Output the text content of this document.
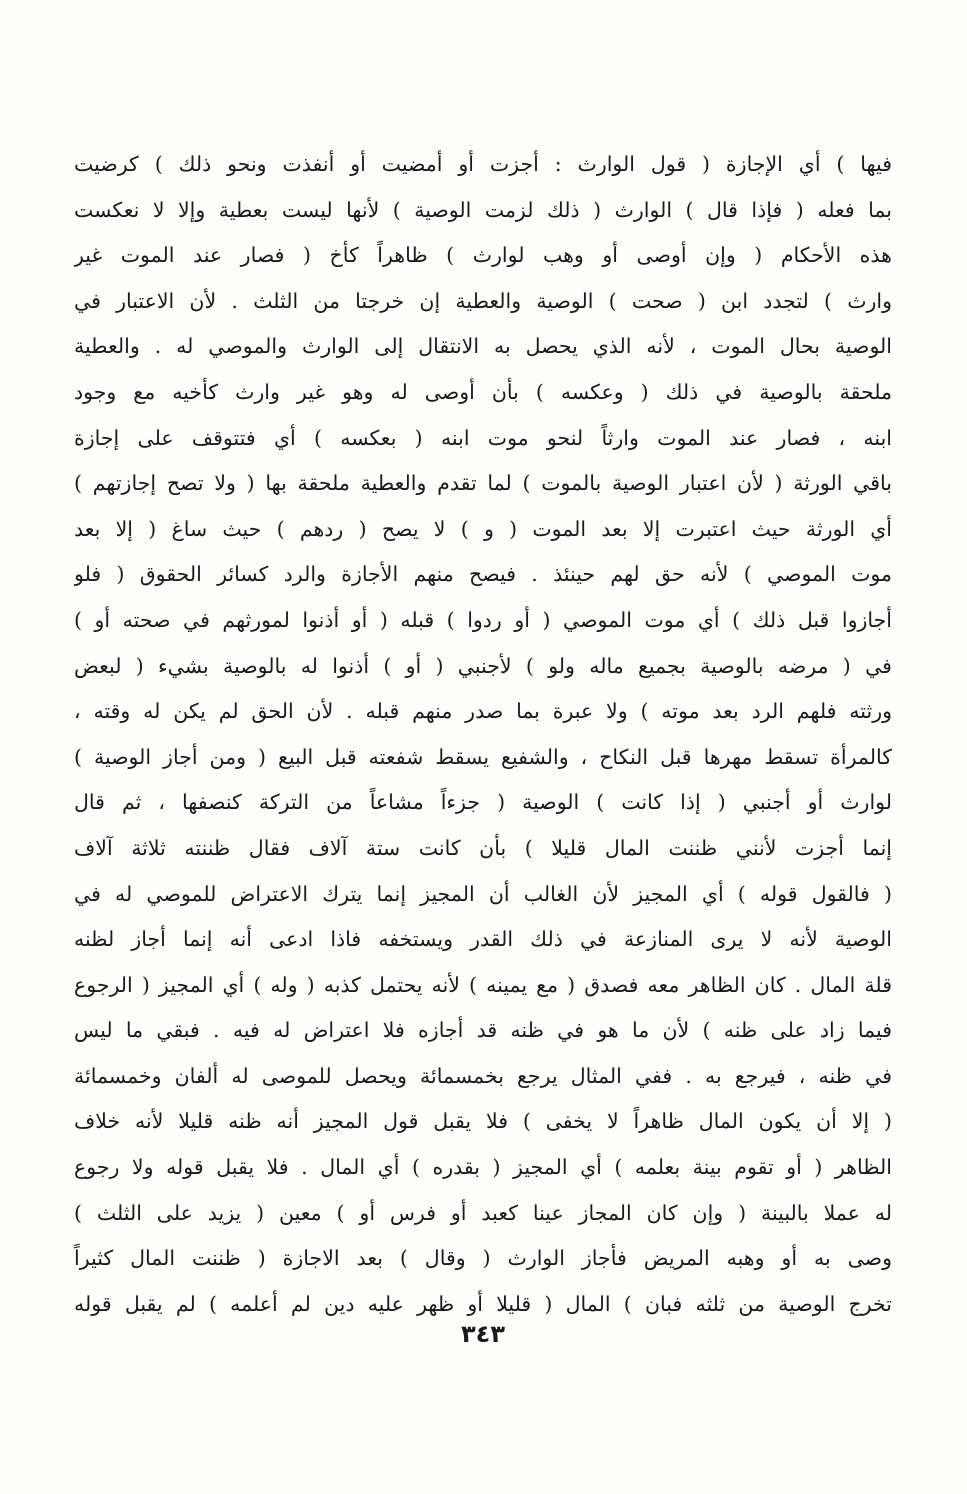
فيها ) أي الإجازة ( قول الوارث : أجزت أو أمضيت أو أنفذت ونحو ذلك ) كرضيت
بما فعله ( فإذا قال ) الوارث ( ذلك لزمت الوصية ) لأنها ليست بعطية وإلا لا نعكست
هذه الأحكام ( وإن أوصى أو وهب لوارث ) ظاهراً كأخ ( فصار عند الموت غير
وارث ) لتجدد ابن ( صحت ) الوصية والعطية إن خرجتا من الثلث . لأن الاعتبار في
الوصية بحال الموت ، لأنه الذي يحصل به الانتقال إلى الوارث والموصي له . والعطية
ملحقة بالوصية في ذلك ( وعكسه ) بأن أوصى له وهو غير وارث كأخيه مع وجود
ابنه ، فصار عند الموت وارثاً لنحو موت ابنه ( بعكسه ) أي فتتوقف على إجازة
باقي الورثة ( لأن اعتبار الوصية بالموت ) لما تقدم والعطية ملحقة بها ( ولا تصح إجازتهم )
أي الورثة حيث اعتبرت إلا بعد الموت ( و ) لا يصح ( ردهم ) حيث ساغ ( إلا بعد
موت الموصي ) لأنه حق لهم حينئذ . فيصح منهم الأجازة والرد كسائر الحقوق ( فلو
أجازوا قبل ذلك ) أي موت الموصي ( أو ردوا ) قبله ( أو أذنوا لمورثهم في صحته أو )
في ( مرضه بالوصية بجميع ماله ولو ) لأجنبي ( أو ) أذنوا له بالوصية بشيء ( لبعض
ورثته فلهم الرد بعد موته ) ولا عبرة بما صدر منهم قبله . لأن الحق لم يكن له وقته ،
كالمرأة تسقط مهرها قبل النكاح ، والشفيع يسقط شفعته قبل البيع ( ومن أجاز الوصية )
لوارث أو أجنبي ( إذا كانت ) الوصية ( جزءاً مشاعاً من التركة كنصفها ، ثم قال
إنما أجزت لأنني ظننت المال قليلا ) بأن كانت ستة آلاف فقال ظننته ثلاثة آلاف
( فالقول قوله ) أي المجيز لأن الغالب أن المجيز إنما يترك الاعتراض للموصي له في
الوصية لأنه لا يرى المنازعة في ذلك القدر ويستخفه فاذا ادعى أنه إنما أجاز لظنه
قلة المال . كان الظاهر معه فصدق ( مع يمينه ) لأنه يحتمل كذبه ( وله ) أي المجيز ( الرجوع
فيما زاد على ظنه ) لأن ما هو في ظنه قد أجازه فلا اعتراض له فيه . فبقي ما ليس
في ظنه ، فيرجع به . ففي المثال يرجع بخمسمائة ويحصل للموصى له ألفان وخمسمائة
( إلا أن يكون المال ظاهراً لا يخفى ) فلا يقبل قول المجيز أنه ظنه قليلا لأنه خلاف
الظاهر ( أو تقوم بينة بعلمه ) أي المجيز ( بقدره ) أي المال . فلا يقبل قوله ولا رجوع
له عملا بالبينة ( وإن كان المجاز عينا كعبد أو فرس أو ) معين ( يزيد على الثلث )
وصى به أو وهبه المريض فأجاز الوارث ( وقال ) بعد الاجازة ( ظننت المال كثيراً
تخرج الوصية من ثلثه فبان ) المال ( قليلا أو ظهر عليه دين لم أعلمه ) لم يقبل قوله
٣٤٣
